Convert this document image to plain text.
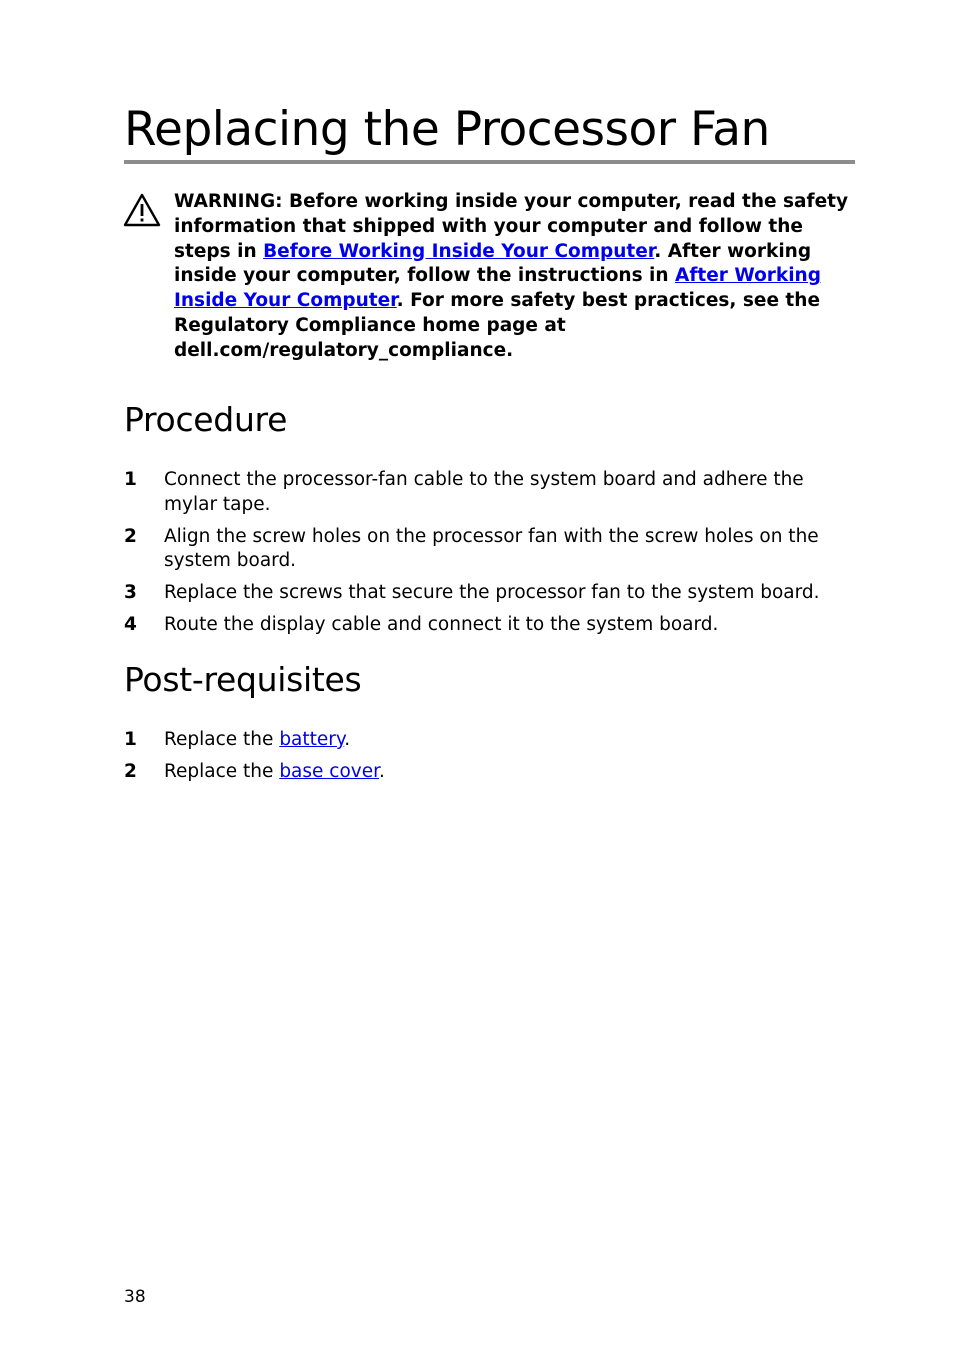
Replacing the Processor Fan

WARNING: Before working inside your computer, read the safety information that shipped with your computer and follow the steps in Before Working Inside Your Computer. After working inside your computer, follow the instructions in After Working Inside Your Computer. For more safety best practices, see the Regulatory Compliance home page at dell.com/regulatory_compliance.

Procedure
1 Connect the processor-fan cable to the system board and adhere the mylar tape.
2 Align the screw holes on the processor fan with the screw holes on the system board.
3 Replace the screws that secure the processor fan to the system board.
4 Route the display cable and connect it to the system board.
Post-requisites
1 Replace the battery.
2 Replace the base cover.
38
